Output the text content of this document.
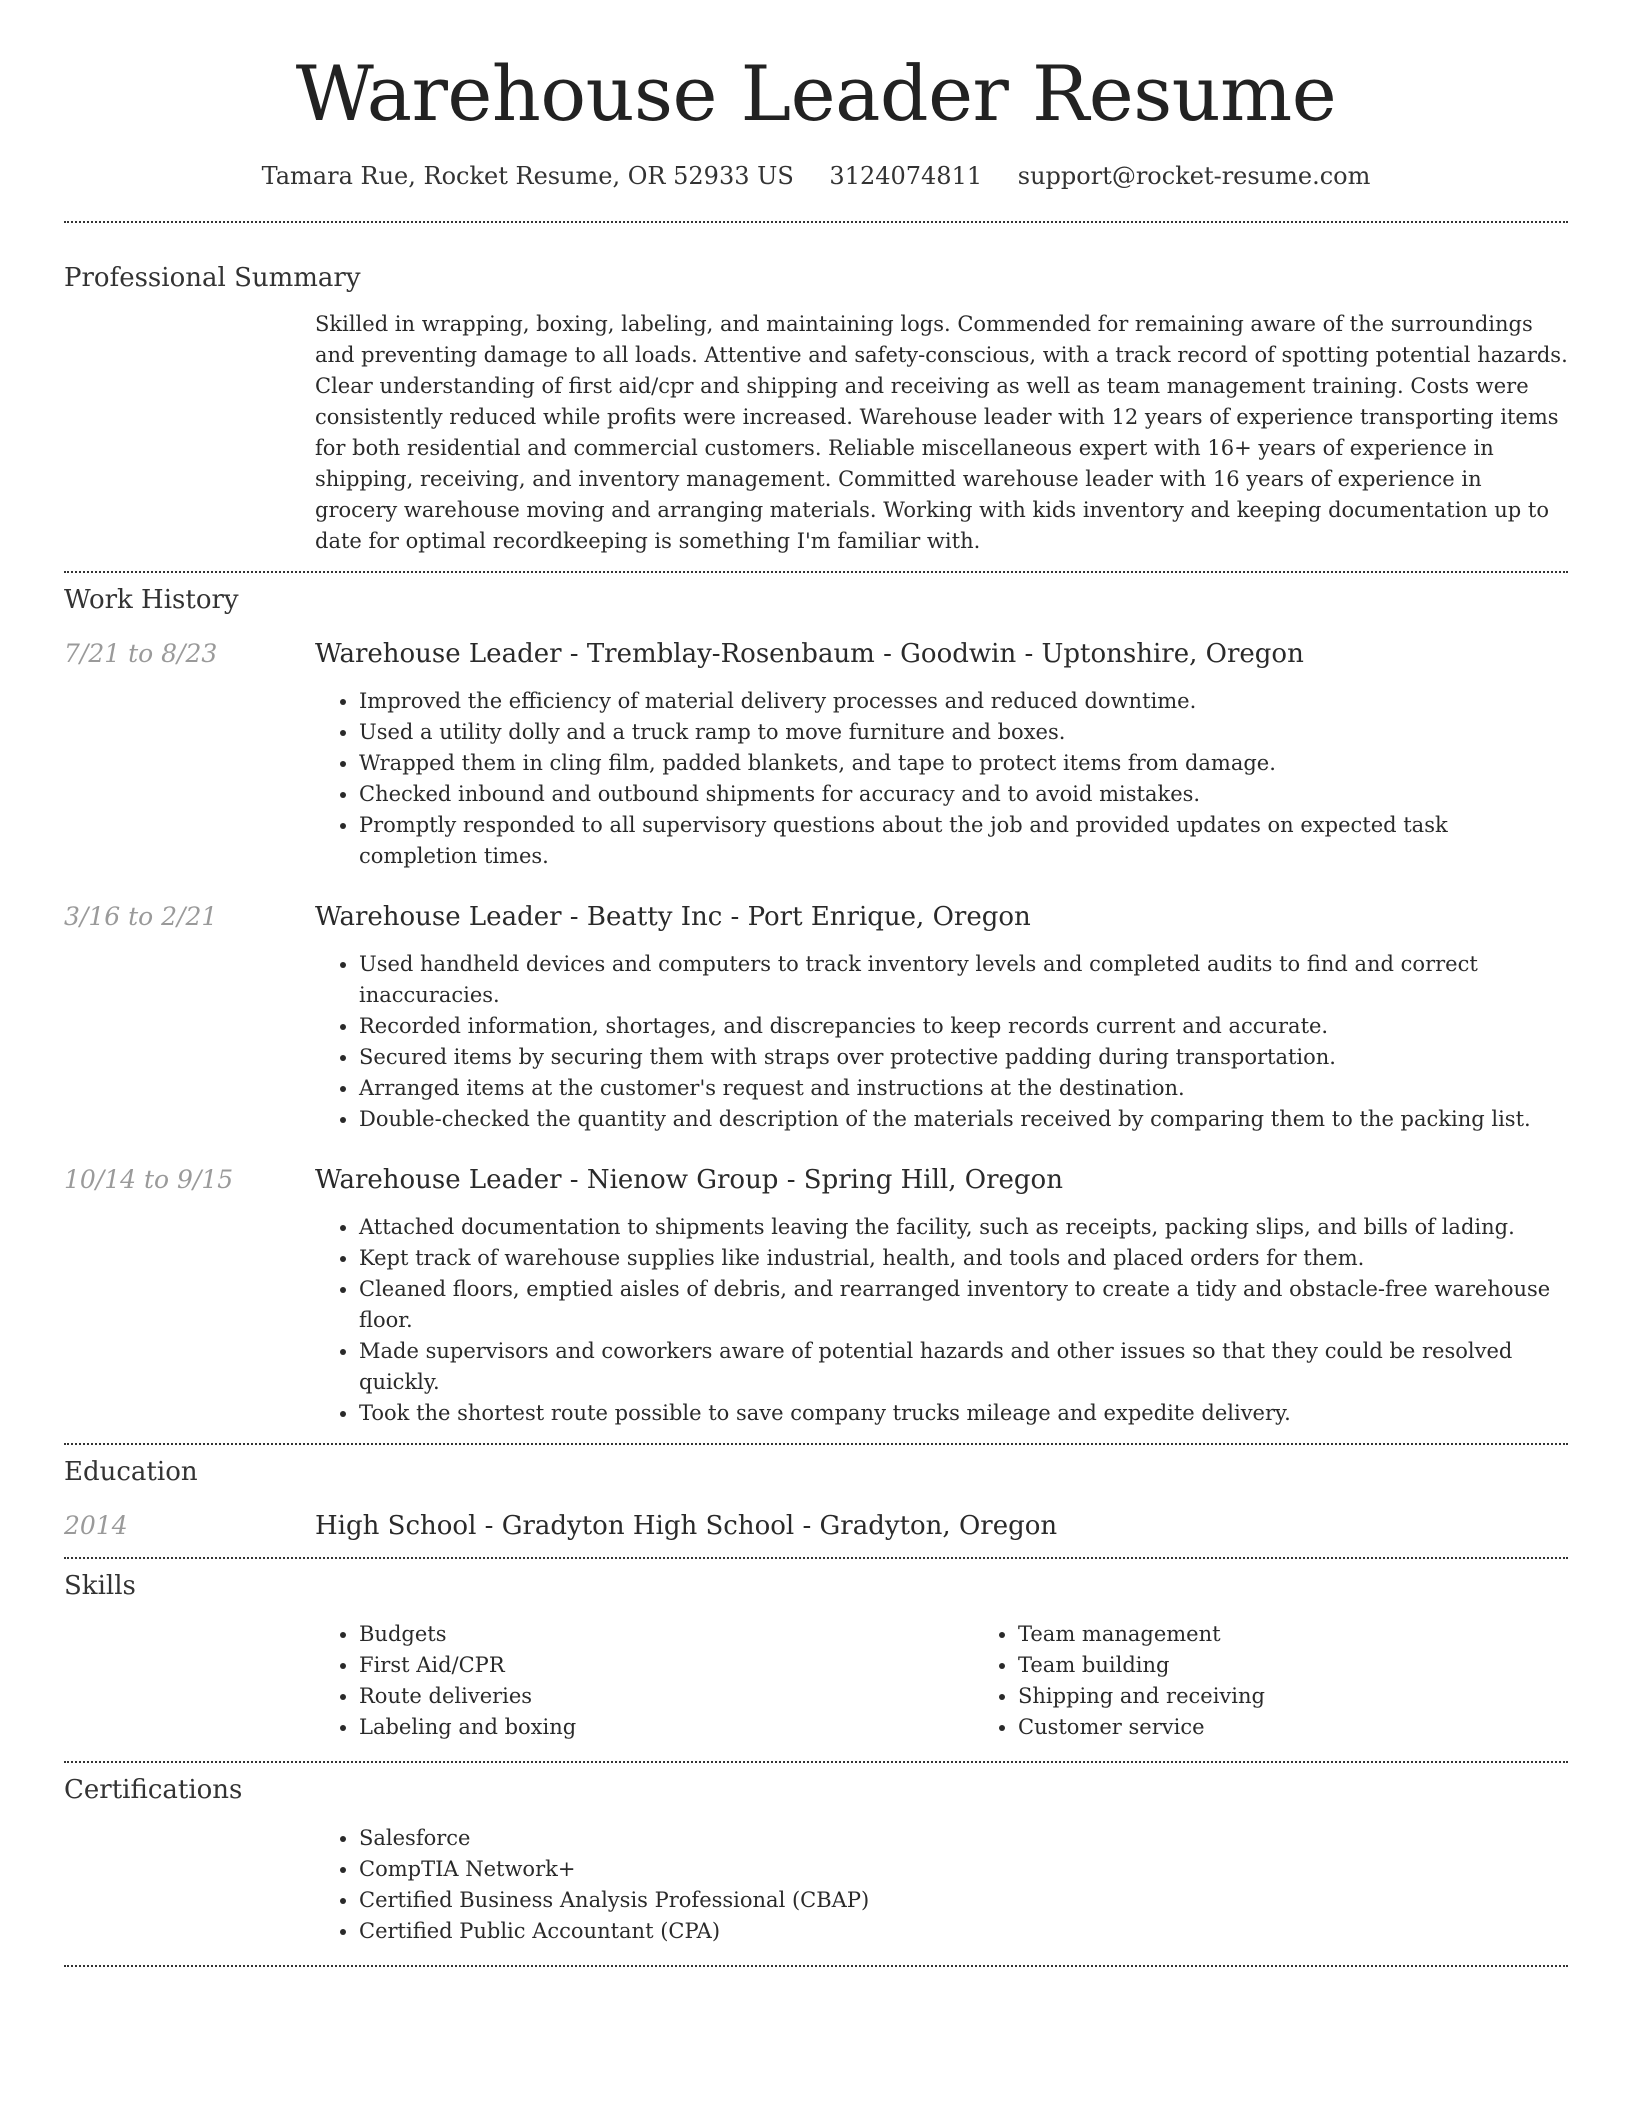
Warehouse Leader Resume
Tamara Rue, Rocket Resume, OR 52933 US 3124074811 support@rocket-resume.com
Professional Summary

Skilled in wrapping, boxing, labeling, and maintaining logs. Commended for remaining aware of the surroundings and preventing damage to all loads. Attentive and safety-conscious, with a track record of spotting potential hazards. Clear understanding of first aid/cpr and shipping and receiving as well as team management training. Costs were consistently reduced while profits were increased. Warehouse leader with 12 years of experience transporting items for both residential and commercial customers. Reliable miscellaneous expert with 16+ years of experience in shipping, receiving, and inventory management. Committed warehouse leader with 16 years of experience in grocery warehouse moving and arranging materials. Working with kids inventory and keeping documentation up to date for optimal recordkeeping is something I'm familiar with.

Work History
7/21 to 8/23	Warehouse Leader - Tremblay-Rosenbaum - Goodwin - Uptonshire, Oregon
• Improved the efficiency of material delivery processes and reduced downtime.
• Used a utility dolly and a truck ramp to move furniture and boxes.
• Wrapped them in cling film, padded blankets, and tape to protect items from damage.
• Checked inbound and outbound shipments for accuracy and to avoid mistakes.
• Promptly responded to all supervisory questions about the job and provided updates on expected task completion times.
3/16 to 2/21	Warehouse Leader - Beatty Inc - Port Enrique, Oregon
• Used handheld devices and computers to track inventory levels and completed audits to find and correct inaccuracies.
• Recorded information, shortages, and discrepancies to keep records current and accurate.
• Secured items by securing them with straps over protective padding during transportation.
• Arranged items at the customer's request and instructions at the destination.
• Double-checked the quantity and description of the materials received by comparing them to the packing list.
10/14 to 9/15	Warehouse Leader - Nienow Group - Spring Hill, Oregon
• Attached documentation to shipments leaving the facility, such as receipts, packing slips, and bills of lading.
• Kept track of warehouse supplies like industrial, health, and tools and placed orders for them.
• Cleaned floors, emptied aisles of debris, and rearranged inventory to create a tidy and obstacle-free warehouse floor.
• Made supervisors and coworkers aware of potential hazards and other issues so that they could be resolved quickly.
• Took the shortest route possible to save company trucks mileage and expedite delivery.
Education
2014	High School - Gradyton High School - Gradyton, Oregon
Skills
• Budgets
• First Aid/CPR
• Route deliveries
• Labeling and boxing
• Team management
• Team building
• Shipping and receiving
• Customer service
Certifications
• Salesforce
• CompTIA Network+
• Certified Business Analysis Professional (CBAP)
• Certified Public Accountant (CPA)
